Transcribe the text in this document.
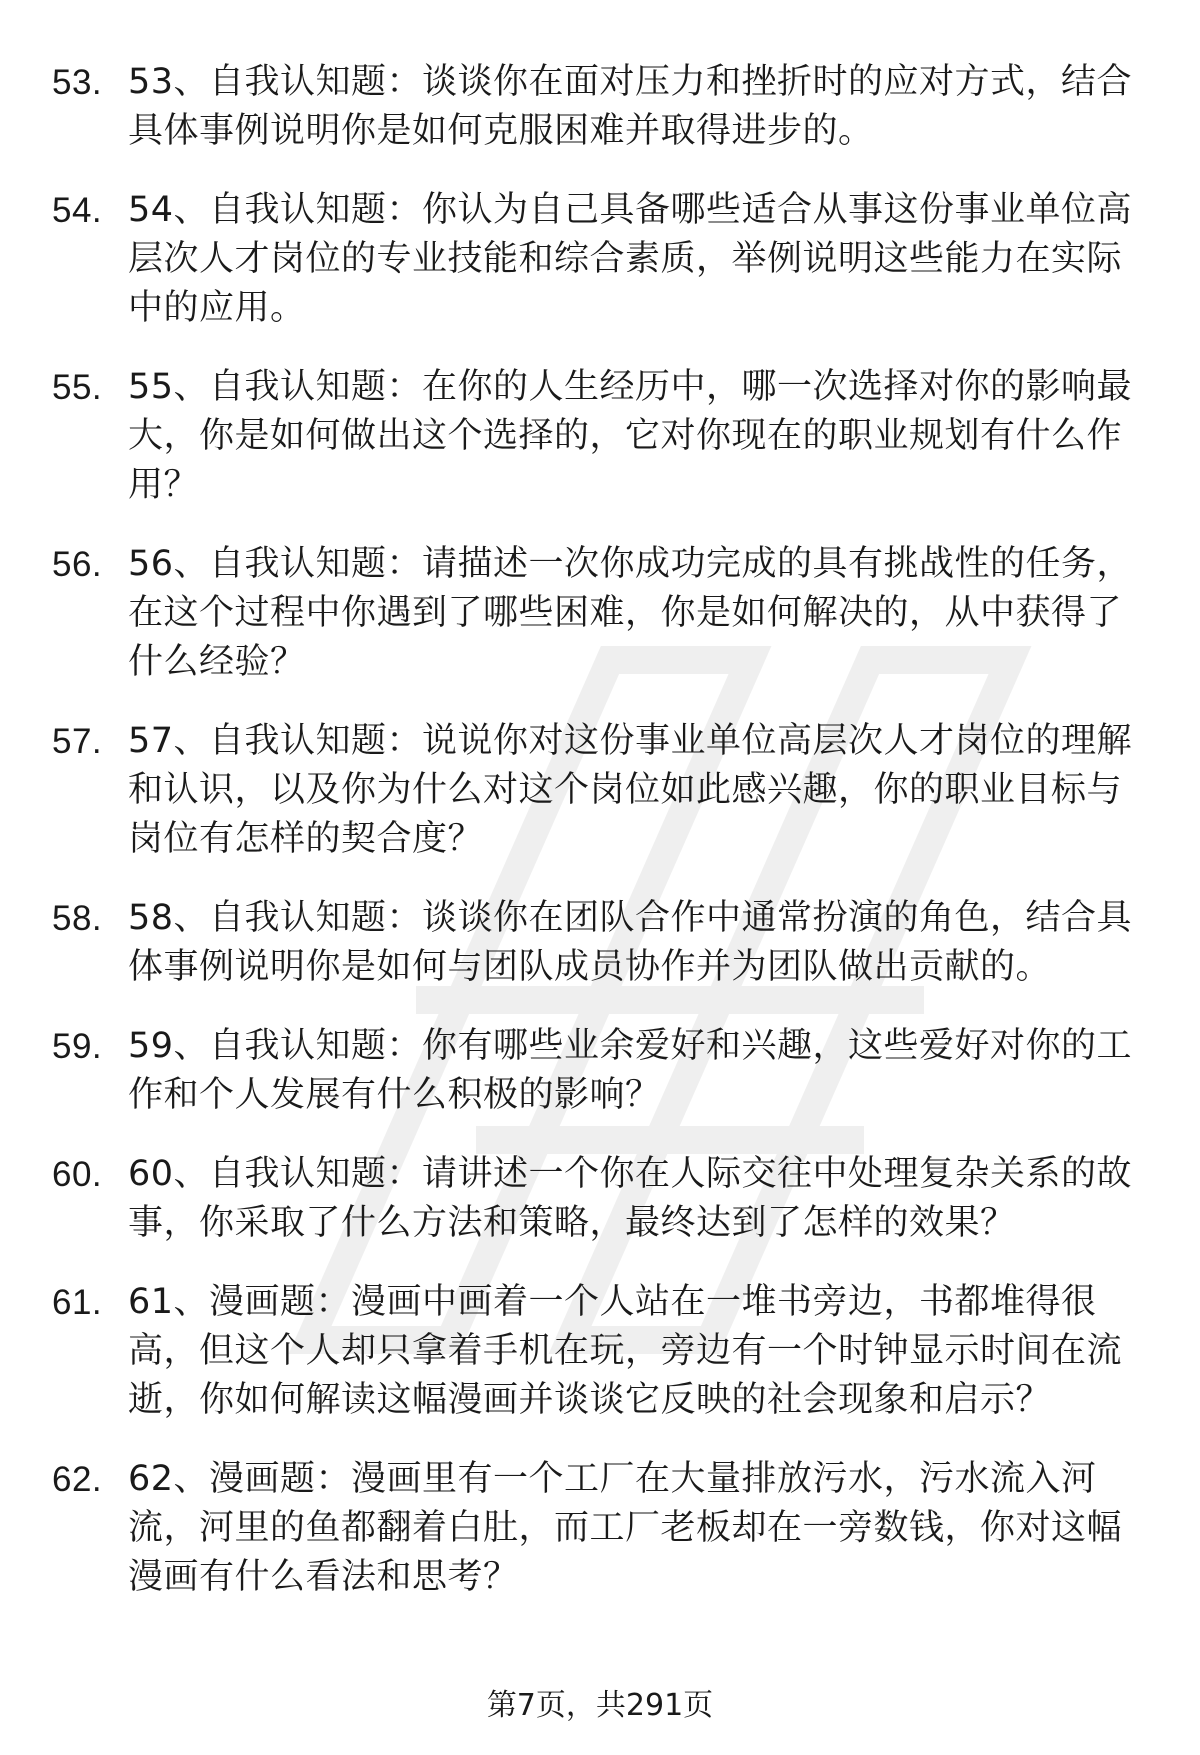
53. 53、自我认知题：谈谈你在面对压力和挫折时的应对方式，结合具体事例说明你是如何克服困难并取得进步的。
54. 54、自我认知题：你认为自己具备哪些适合从事这份事业单位高层次人才岗位的专业技能和综合素质，举例说明这些能力在实际中的应用。
55. 55、自我认知题：在你的人生经历中，哪一次选择对你的影响最大，你是如何做出这个选择的，它对你现在的职业规划有什么作用？
56. 56、自我认知题：请描述一次你成功完成的具有挑战性的任务，在这个过程中你遇到了哪些困难，你是如何解决的，从中获得了什么经验？
57. 57、自我认知题：说说你对这份事业单位高层次人才岗位的理解和认识，以及你为什么对这个岗位如此感兴趣，你的职业目标与岗位有怎样的契合度？
58. 58、自我认知题：谈谈你在团队合作中通常扮演的角色，结合具体事例说明你是如何与团队成员协作并为团队做出贡献的。
59. 59、自我认知题：你有哪些业余爱好和兴趣，这些爱好对你的工作和个人发展有什么积极的影响？
60. 60、自我认知题：请讲述一个你在人际交往中处理复杂关系的故事，你采取了什么方法和策略，最终达到了怎样的效果？
61. 61、漫画题：漫画中画着一个人站在一堆书旁边，书都堆得很高，但这个人却只拿着手机在玩，旁边有一个时钟显示时间在流逝，你如何解读这幅漫画并谈谈它反映的社会现象和启示？
62. 62、漫画题：漫画里有一个工厂在大量排放污水，污水流入河流，河里的鱼都翻着白肚，而工厂老板却在一旁数钱，你对这幅漫画有什么看法和思考？
第7页，共291页
